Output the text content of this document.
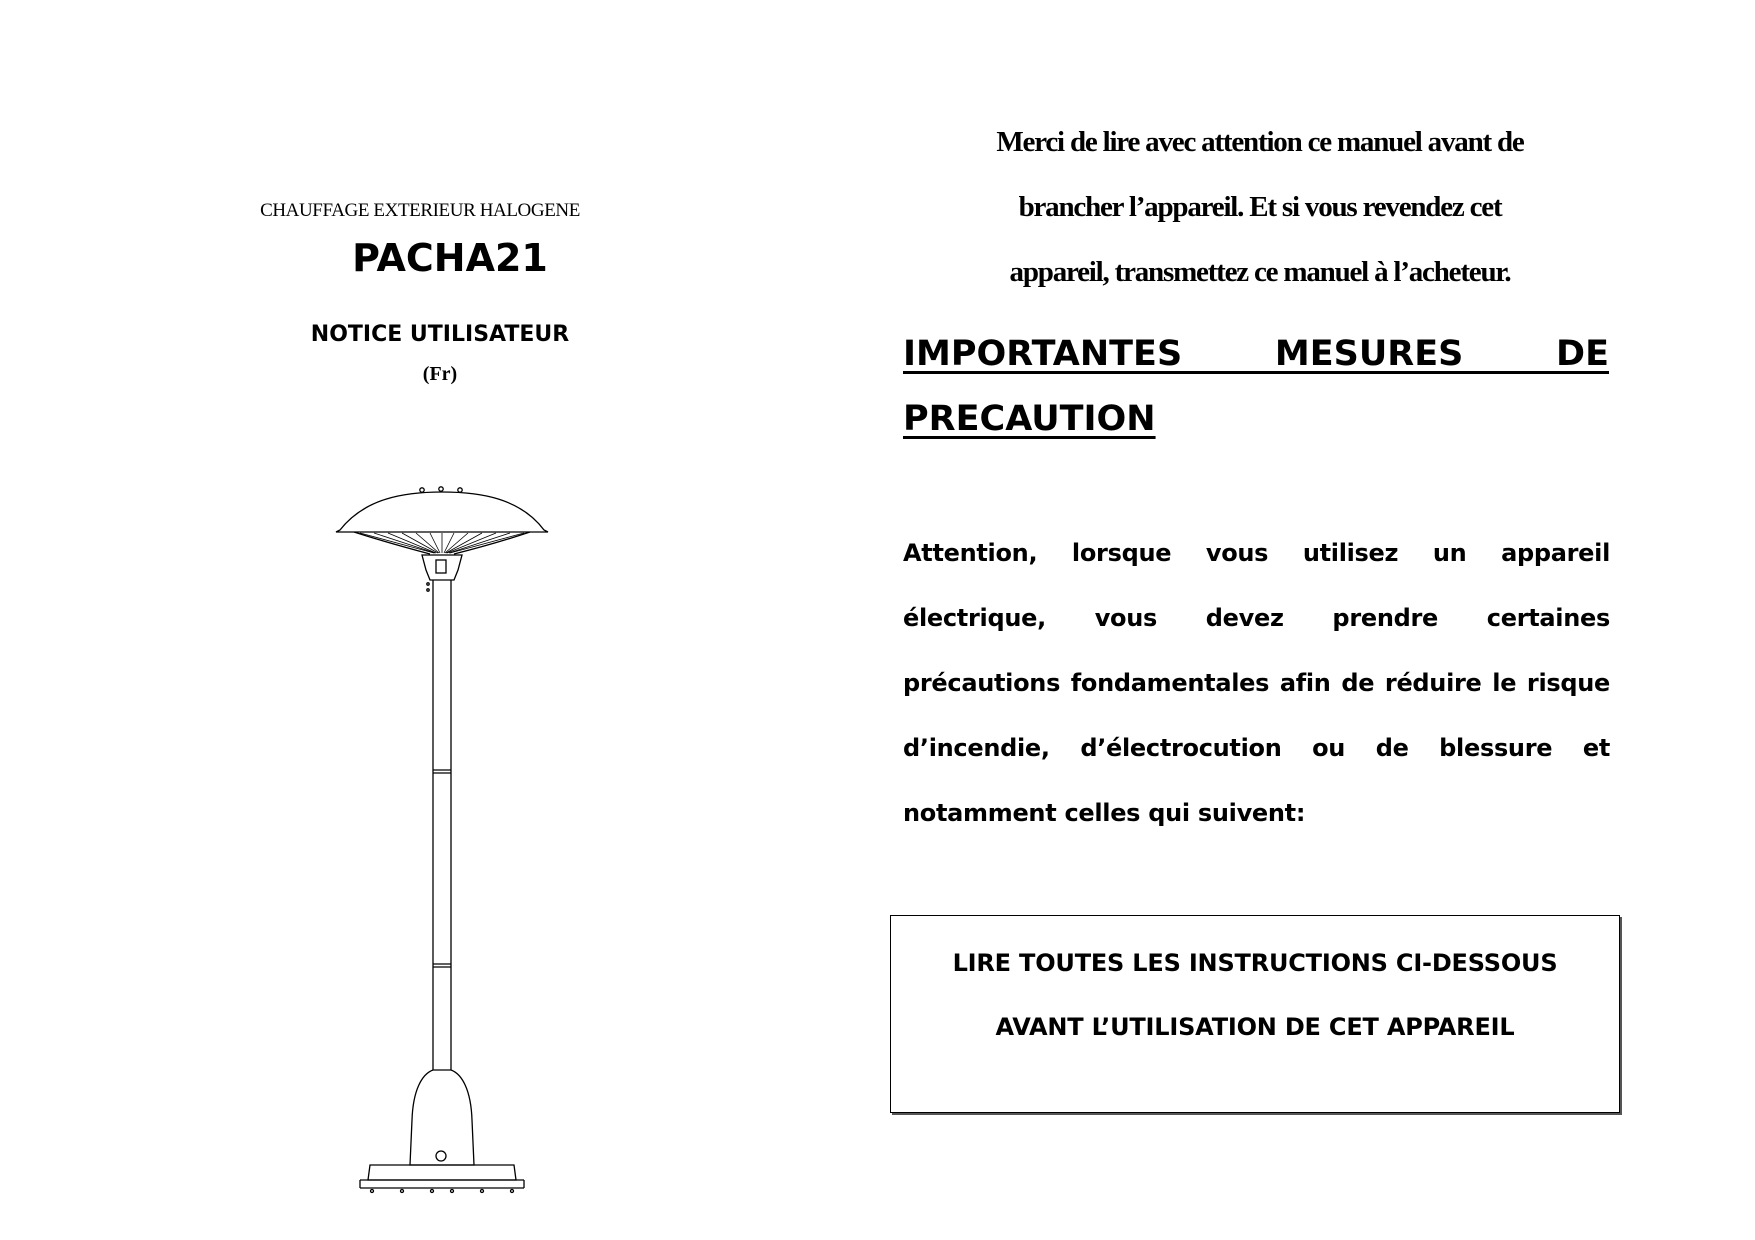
CHAUFFAGE EXTERIEUR HALOGENE
PACHA21
NOTICE UTILISATEUR
(Fr)
Merci de lire avec attention ce manuel avant de
brancher l’appareil. Et si vous revendez cet
appareil, transmettez ce manuel à l’acheteur.
IMPORTANTES MESURES DE PRECAUTION
Attention, lorsque vous utilisez un appareil électrique, vous devez prendre certaines précautions fondamentales afin de réduire le risque d’incendie, d’électrocution ou de blessure et notamment celles qui suivent:
LIRE TOUTES LES INSTRUCTIONS CI-DESSOUS
AVANT L’UTILISATION DE CET APPAREIL
